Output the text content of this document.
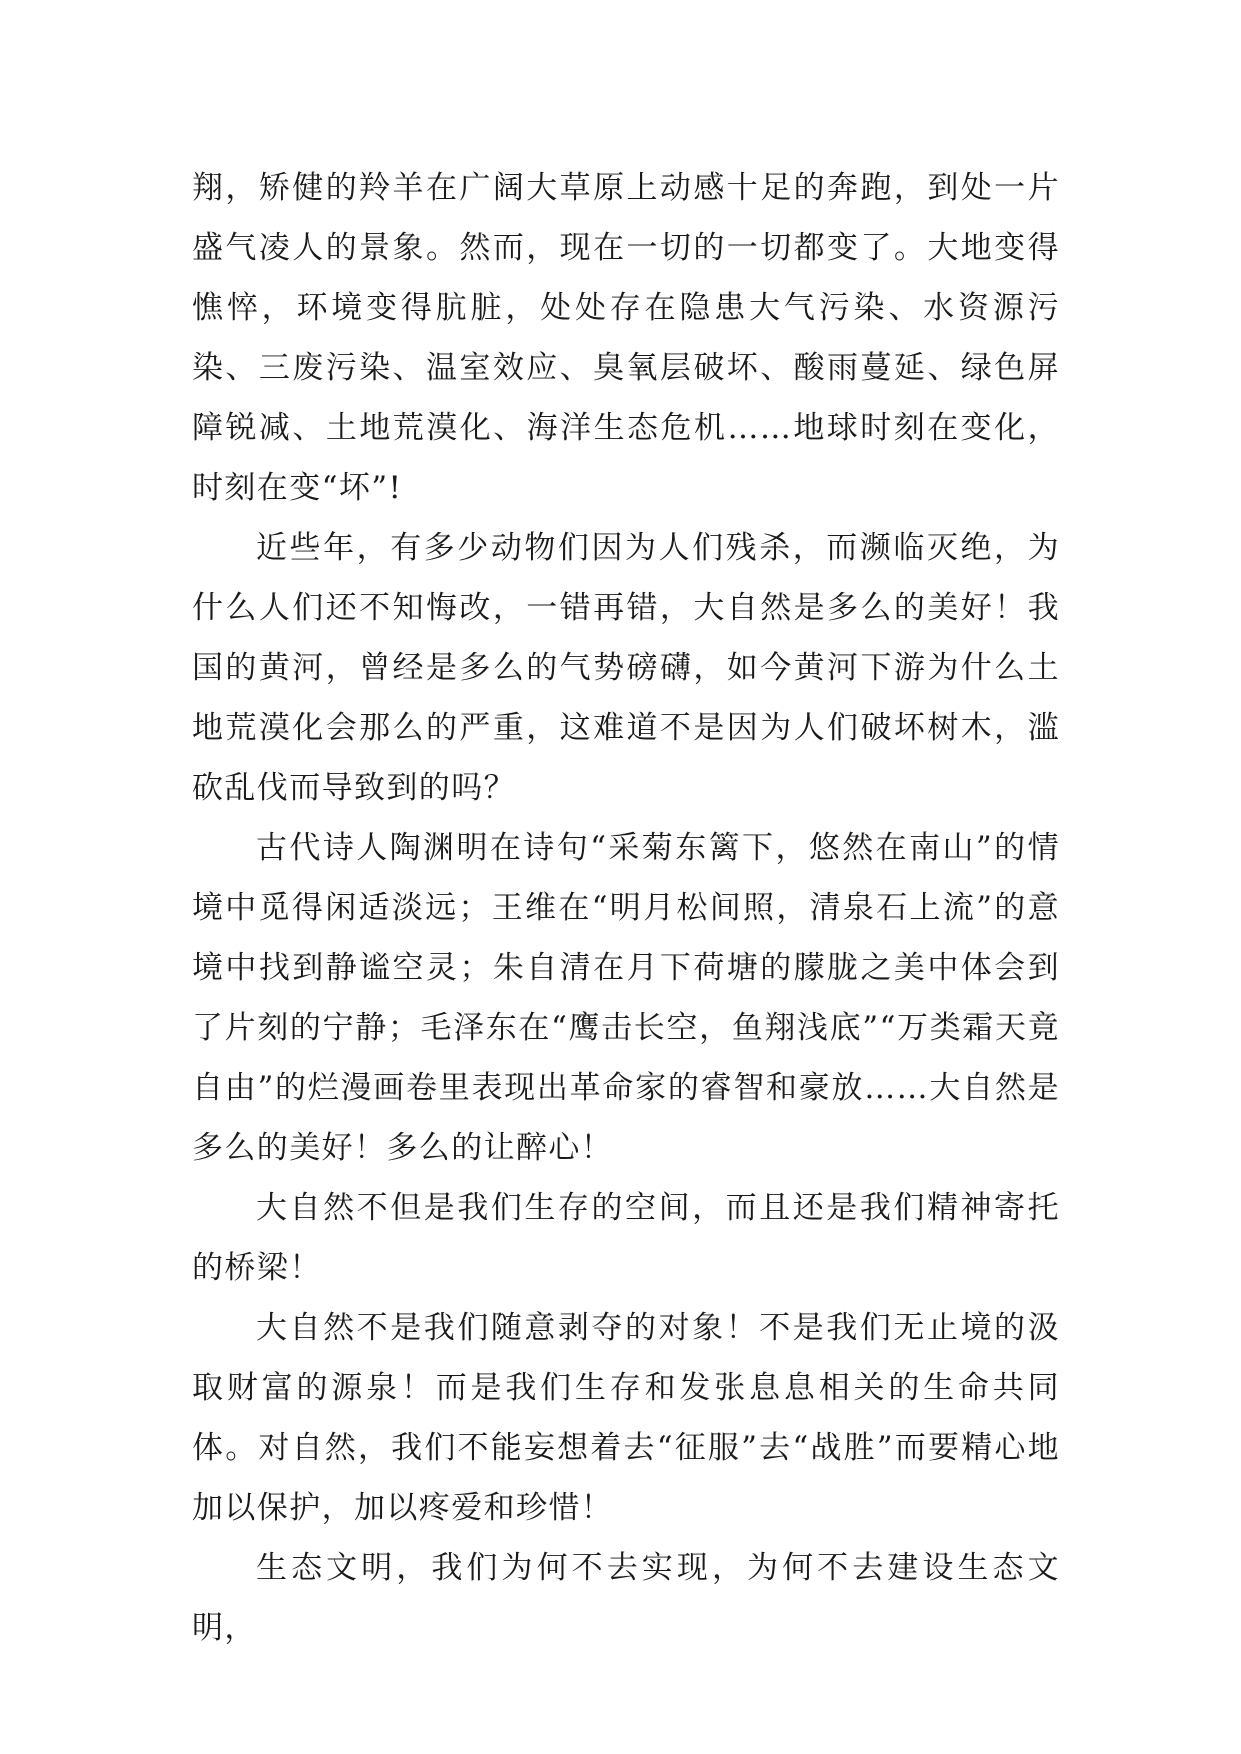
翔，矫健的羚羊在广阔大草原上动感十足的奔跑，到处一片盛气凌人的景象。然而，现在一切的一切都变了。大地变得憔悴，环境变得肮脏，处处存在隐患大气污染、水资源污染、三废污染、温室效应、臭氧层破坏、酸雨蔓延、绿色屏障锐减、土地荒漠化、海洋生态危机……地球时刻在变化，时刻在变“坏”!

近些年，有多少动物们因为人们残杀，而濒临灭绝，为什么人们还不知悔改，一错再错，大自然是多么的美好！我国的黄河，曾经是多么的气势磅礴，如今黄河下游为什么土地荒漠化会那么的严重，这难道不是因为人们破坏树木，滥砍乱伐而导致到的吗？

古代诗人陶渊明在诗句“采菊东篱下，悠然在南山”的情境中觅得闲适淡远；王维在“明月松间照，清泉石上流”的意境中找到静谧空灵；朱自清在月下荷塘的朦胧之美中体会到了片刻的宁静；毛泽东在“鹰击长空，鱼翔浅底”“万类霜天竟自由”的烂漫画卷里表现出革命家的睿智和豪放……大自然是多么的美好！多么的让醉心！

大自然不但是我们生存的空间，而且还是我们精神寄托的桥梁！

大自然不是我们随意剥夺的对象！不是我们无止境的汲取财富的源泉！而是我们生存和发张息息相关的生命共同体。对自然，我们不能妄想着去“征服”去“战胜”而要精心地加以保护，加以疼爱和珍惜！

生态文明，我们为何不去实现，为何不去建设生态文明，
